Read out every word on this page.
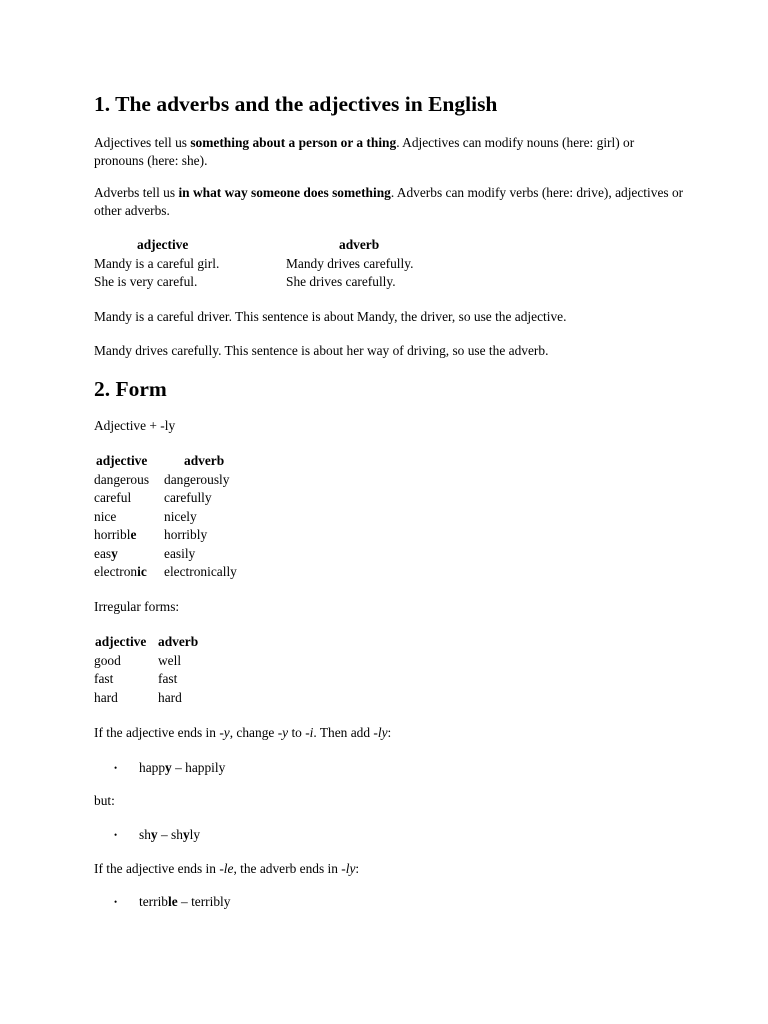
1. The adverbs and the adjectives in English

Adjectives tell us something about a person or a thing. Adjectives can modify nouns (here: girl) or pronouns (here: she).

Adverbs tell us in what way someone does something. Adverbs can modify verbs (here: drive), adjectives or other adverbs.

adjective	adverb
Mandy is a careful girl.	Mandy drives carefully.
She is very careful.	She drives carefully.

Mandy is a careful driver. This sentence is about Mandy, the driver, so use the adjective.

Mandy drives carefully. This sentence is about her way of driving, so use the adverb.

2. Form

Adjective + -ly

adjective	adverb
dangerous	dangerously
careful	carefully
nice	nicely
horrible	horribly
easy	easily
electronic	electronically

Irregular forms:

adjective	adverb
good	well
fast	fast
hard	hard

If the adjective ends in -y, change -y to -i. Then add -ly:

• happy – happily

but:

• shy – shyly

If the adjective ends in -le, the adverb ends in -ly:

• terrible – terribly
